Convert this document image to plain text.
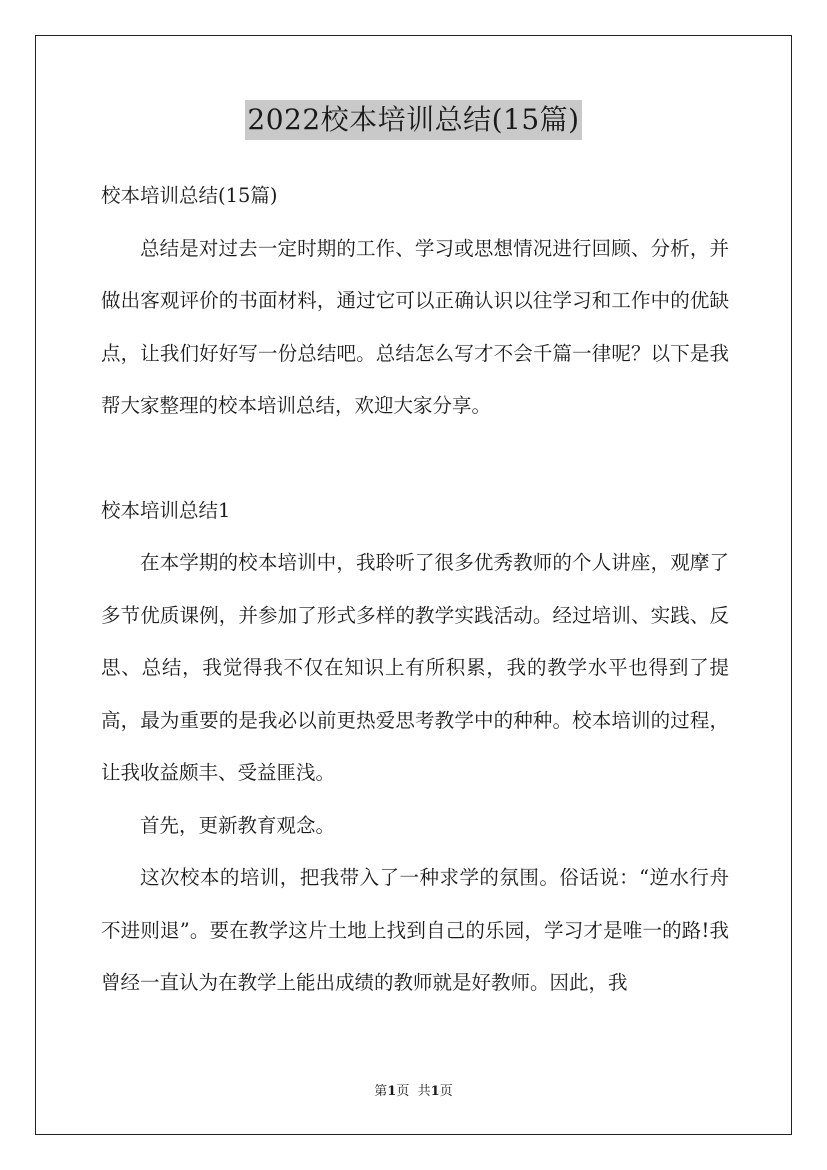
2022校本培训总结(15篇)

校本培训总结(15篇)

总结是对过去一定时期的工作、学习或思想情况进行回顾、分析，并做出客观评价的书面材料，通过它可以正确认识以往学习和工作中的优缺点，让我们好好写一份总结吧。总结怎么写才不会千篇一律呢？以下是我帮大家整理的校本培训总结，欢迎大家分享。

校本培训总结1

在本学期的校本培训中，我聆听了很多优秀教师的个人讲座，观摩了多节优质课例，并参加了形式多样的教学实践活动。经过培训、实践、反思、总结，我觉得我不仅在知识上有所积累，我的教学水平也得到了提高，最为重要的是我必以前更热爱思考教学中的种种。校本培训的过程，让我收益颇丰、受益匪浅。

首先，更新教育观念。

这次校本的培训，把我带入了一种求学的氛围。俗话说：“逆水行舟不进则退”。要在教学这片土地上找到自己的乐园，学习才是唯一的路!我曾经一直认为在教学上能出成绩的教师就是好教师。因此，我

第1页 共1页
